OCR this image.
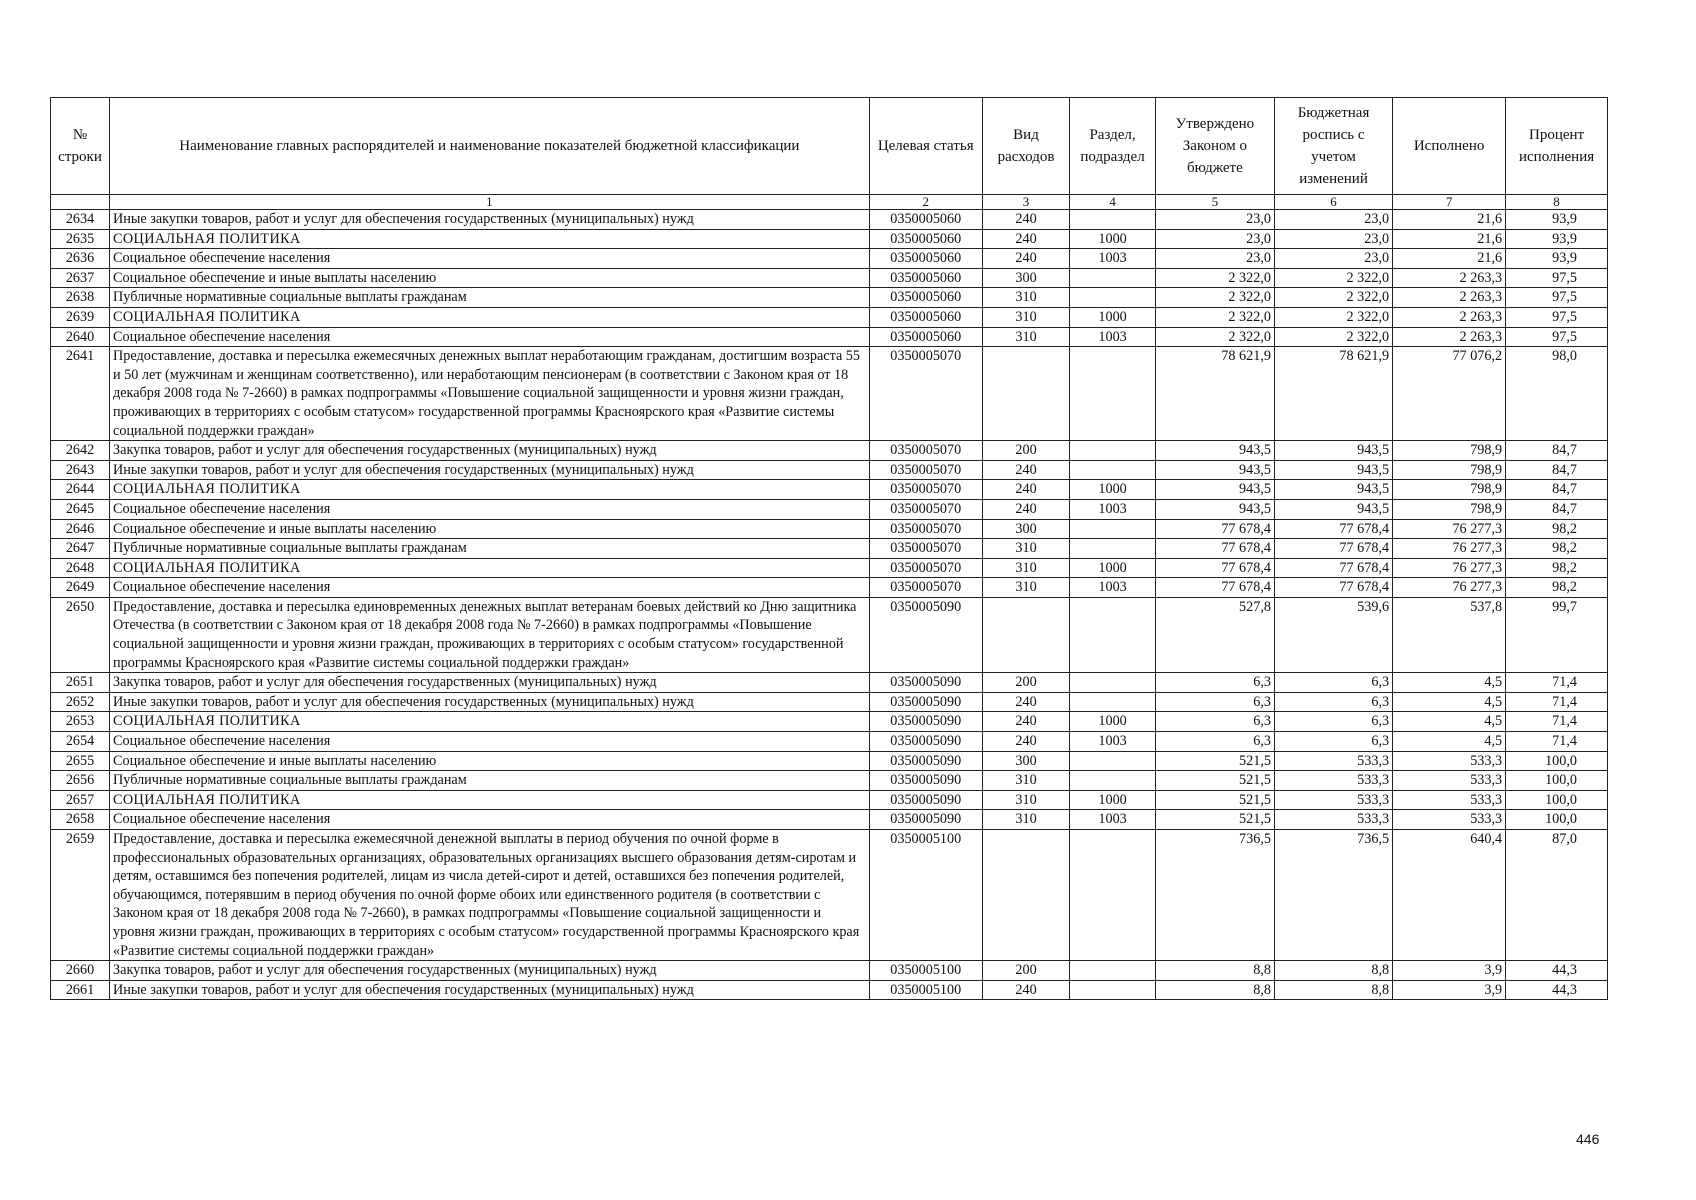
№ строки	Наименование главных распорядителей и наименование показателей бюджетной классификации	Целевая статья	Вид расходов	Раздел, подраздел	Утверждено Законом о бюджете	Бюджетная роспись с учетом изменений	Исполнено	Процент исполнения
	1	2	3	4	5	6	7	8
2634	Иные закупки товаров, работ и услуг для обеспечения государственных (муниципальных) нужд	0350005060	240		23,0	23,0	21,6	93,9
2635	СОЦИАЛЬНАЯ ПОЛИТИКА	0350005060	240	1000	23,0	23,0	21,6	93,9
2636	Социальное обеспечение населения	0350005060	240	1003	23,0	23,0	21,6	93,9
2637	Социальное обеспечение и иные выплаты населению	0350005060	300		2 322,0	2 322,0	2 263,3	97,5
2638	Публичные нормативные социальные выплаты гражданам	0350005060	310		2 322,0	2 322,0	2 263,3	97,5
2639	СОЦИАЛЬНАЯ ПОЛИТИКА	0350005060	310	1000	2 322,0	2 322,0	2 263,3	97,5
2640	Социальное обеспечение населения	0350005060	310	1003	2 322,0	2 322,0	2 263,3	97,5
2641	Предоставление, доставка и пересылка ежемесячных денежных выплат неработающим гражданам, достигшим возраста 55 и 50 лет (мужчинам и женщинам соответственно), или неработающим пенсионерам (в соответствии с Законом края от 18 декабря 2008 года № 7-2660) в рамках подпрограммы «Повышение социальной защищенности и уровня жизни граждан, проживающих в территориях с особым статусом» государственной программы Красноярского края «Развитие системы социальной поддержки граждан»	0350005070			78 621,9	78 621,9	77 076,2	98,0
2642	Закупка товаров, работ и услуг для обеспечения государственных (муниципальных) нужд	0350005070	200		943,5	943,5	798,9	84,7
2643	Иные закупки товаров, работ и услуг для обеспечения государственных (муниципальных) нужд	0350005070	240		943,5	943,5	798,9	84,7
2644	СОЦИАЛЬНАЯ ПОЛИТИКА	0350005070	240	1000	943,5	943,5	798,9	84,7
2645	Социальное обеспечение населения	0350005070	240	1003	943,5	943,5	798,9	84,7
2646	Социальное обеспечение и иные выплаты населению	0350005070	300		77 678,4	77 678,4	76 277,3	98,2
2647	Публичные нормативные социальные выплаты гражданам	0350005070	310		77 678,4	77 678,4	76 277,3	98,2
2648	СОЦИАЛЬНАЯ ПОЛИТИКА	0350005070	310	1000	77 678,4	77 678,4	76 277,3	98,2
2649	Социальное обеспечение населения	0350005070	310	1003	77 678,4	77 678,4	76 277,3	98,2
2650	Предоставление, доставка и пересылка единовременных денежных выплат ветеранам боевых действий ко Дню защитника Отечества (в соответствии с Законом края от 18 декабря 2008 года № 7-2660) в рамках подпрограммы «Повышение социальной защищенности и уровня жизни граждан, проживающих в территориях с особым статусом» государственной программы Красноярского края «Развитие системы социальной поддержки граждан»	0350005090			527,8	539,6	537,8	99,7
2651	Закупка товаров, работ и услуг для обеспечения государственных (муниципальных) нужд	0350005090	200		6,3	6,3	4,5	71,4
2652	Иные закупки товаров, работ и услуг для обеспечения государственных (муниципальных) нужд	0350005090	240		6,3	6,3	4,5	71,4
2653	СОЦИАЛЬНАЯ ПОЛИТИКА	0350005090	240	1000	6,3	6,3	4,5	71,4
2654	Социальное обеспечение населения	0350005090	240	1003	6,3	6,3	4,5	71,4
2655	Социальное обеспечение и иные выплаты населению	0350005090	300		521,5	533,3	533,3	100,0
2656	Публичные нормативные социальные выплаты гражданам	0350005090	310		521,5	533,3	533,3	100,0
2657	СОЦИАЛЬНАЯ ПОЛИТИКА	0350005090	310	1000	521,5	533,3	533,3	100,0
2658	Социальное обеспечение населения	0350005090	310	1003	521,5	533,3	533,3	100,0
2659	Предоставление, доставка и пересылка ежемесячной денежной выплаты в период обучения по очной форме в профессиональных образовательных организациях, образовательных организациях высшего образования детям-сиротам и детям, оставшимся без попечения родителей, лицам из числа детей-сирот и детей, оставшихся без попечения родителей, обучающимся, потерявшим в период обучения по очной форме обоих или единственного родителя (в соответствии с Законом края от 18 декабря 2008 года № 7-2660), в рамках подпрограммы «Повышение социальной защищенности и уровня жизни граждан, проживающих в территориях с особым статусом» государственной программы Красноярского края «Развитие системы социальной поддержки граждан»	0350005100			736,5	736,5	640,4	87,0
2660	Закупка товаров, работ и услуг для обеспечения государственных (муниципальных) нужд	0350005100	200		8,8	8,8	3,9	44,3
2661	Иные закупки товаров, работ и услуг для обеспечения государственных (муниципальных) нужд	0350005100	240		8,8	8,8	3,9	44,3
446
